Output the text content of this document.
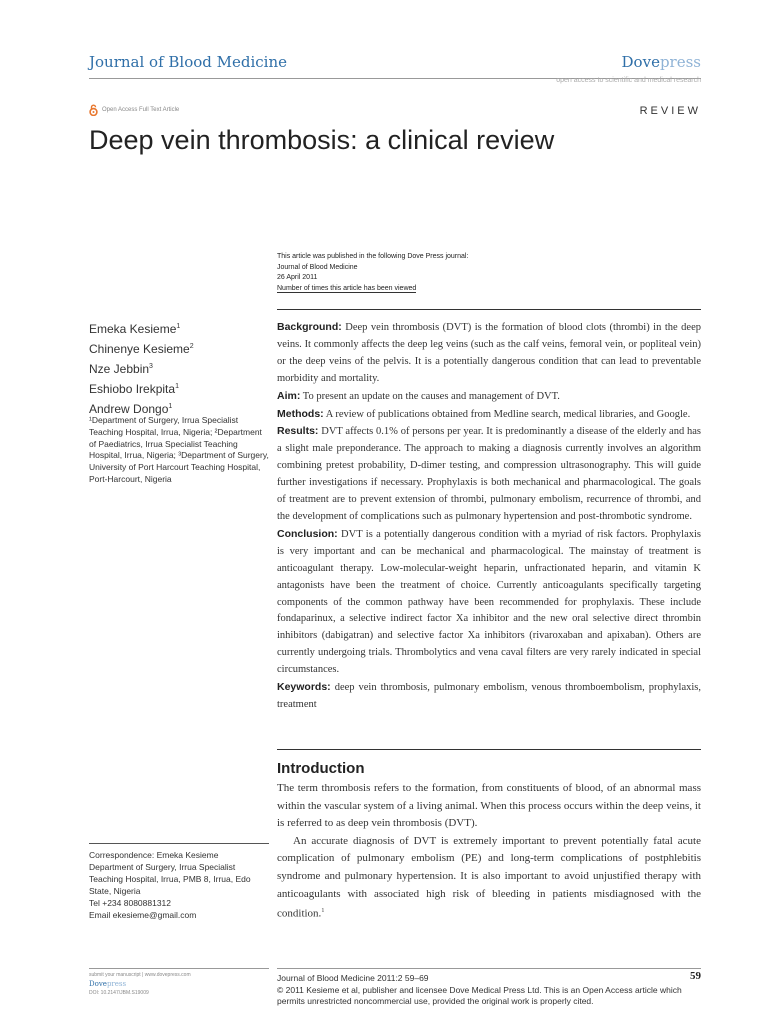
Journal of Blood Medicine	Dovepress
open access to scientific and medical research
Open Access Full Text Article	REVIEW
Deep vein thrombosis: a clinical review
This article was published in the following Dove Press journal:
Journal of Blood Medicine
26 April 2011
Number of times this article has been viewed
Emeka Kesieme$^1$
Chinenye Kesieme$^2$
Nze Jebbin$^3$
Eshiobo Irekpita$^1$
Andrew Dongo$^1$
¹Department of Surgery, Irrua Specialist Teaching Hospital, Irrua, Nigeria; ²Department of Paediatrics, Irrua Specialist Teaching Hospital, Irrua, Nigeria; ³Department of Surgery, University of Port Harcourt Teaching Hospital, Port-Harcourt, Nigeria

Background: Deep vein thrombosis (DVT) is the formation of blood clots (thrombi) in the deep veins. It commonly affects the deep leg veins (such as the calf veins, femoral vein, or popliteal vein) or the deep veins of the pelvis. It is a potentially dangerous condition that can lead to preventable morbidity and mortality.

Aim: To present an update on the causes and management of DVT.

Methods: A review of publications obtained from Medline search, medical libraries, and Google.

Results: DVT affects 0.1% of persons per year. It is predominantly a disease of the elderly and has a slight male preponderance. The approach to making a diagnosis currently involves an algorithm combining pretest probability, D-dimer testing, and compression ultrasonography. This will guide further investigations if necessary. Prophylaxis is both mechanical and pharmacological. The goals of treatment are to prevent extension of thrombi, pulmonary embolism, recurrence of thrombi, and the development of complications such as pulmonary hypertension and post-thrombotic syndrome.

Conclusion: DVT is a potentially dangerous condition with a myriad of risk factors. Prophylaxis is very important and can be mechanical and pharmacological. The mainstay of treatment is anticoagulant therapy. Low-molecular-weight heparin, unfractionated heparin, and vitamin K antagonists have been the treatment of choice. Currently anticoagulants specifically targeting components of the common pathway have been recommended for prophylaxis. These include fondaparinux, a selective indirect factor Xa inhibitor and the new oral selective direct thrombin inhibitors (dabigatran) and selective factor Xa inhibitors (rivaroxaban and apixaban). Others are currently undergoing trials. Thrombolytics and vena caval filters are very rarely indicated in special circumstances.

Keywords: deep vein thrombosis, pulmonary embolism, venous thromboembolism, prophylaxis, treatment

Introduction

The term thrombosis refers to the formation, from constituents of blood, of an abnormal mass within the vascular system of a living animal. When this process occurs within the deep veins, it is referred to as deep vein thrombosis (DVT).

An accurate diagnosis of DVT is extremely important to prevent potentially fatal acute complication of pulmonary embolism (PE) and long-term complications of postphlebitis syndrome and pulmonary hypertension. It is also important to avoid unjustified therapy with anticoagulants with associated high risk of bleeding in patients misdiagnosed with the condition.$^1$

Correspondence: Emeka Kesieme
Department of Surgery, Irrua Specialist Teaching Hospital, Irrua, PMB 8, Irrua, Edo State, Nigeria
Tel +234 8080881312
Email ekesieme@gmail.com
submit your manuscript | www.dovepress.com
Dovepress
DOI: 10.2147/JBM.S19009
Journal of Blood Medicine 2011:2 59–69
© 2011 Kesieme et al, publisher and licensee Dove Medical Press Ltd. This is an Open Access article which permits unrestricted noncommercial use, provided the original work is properly cited.
59
